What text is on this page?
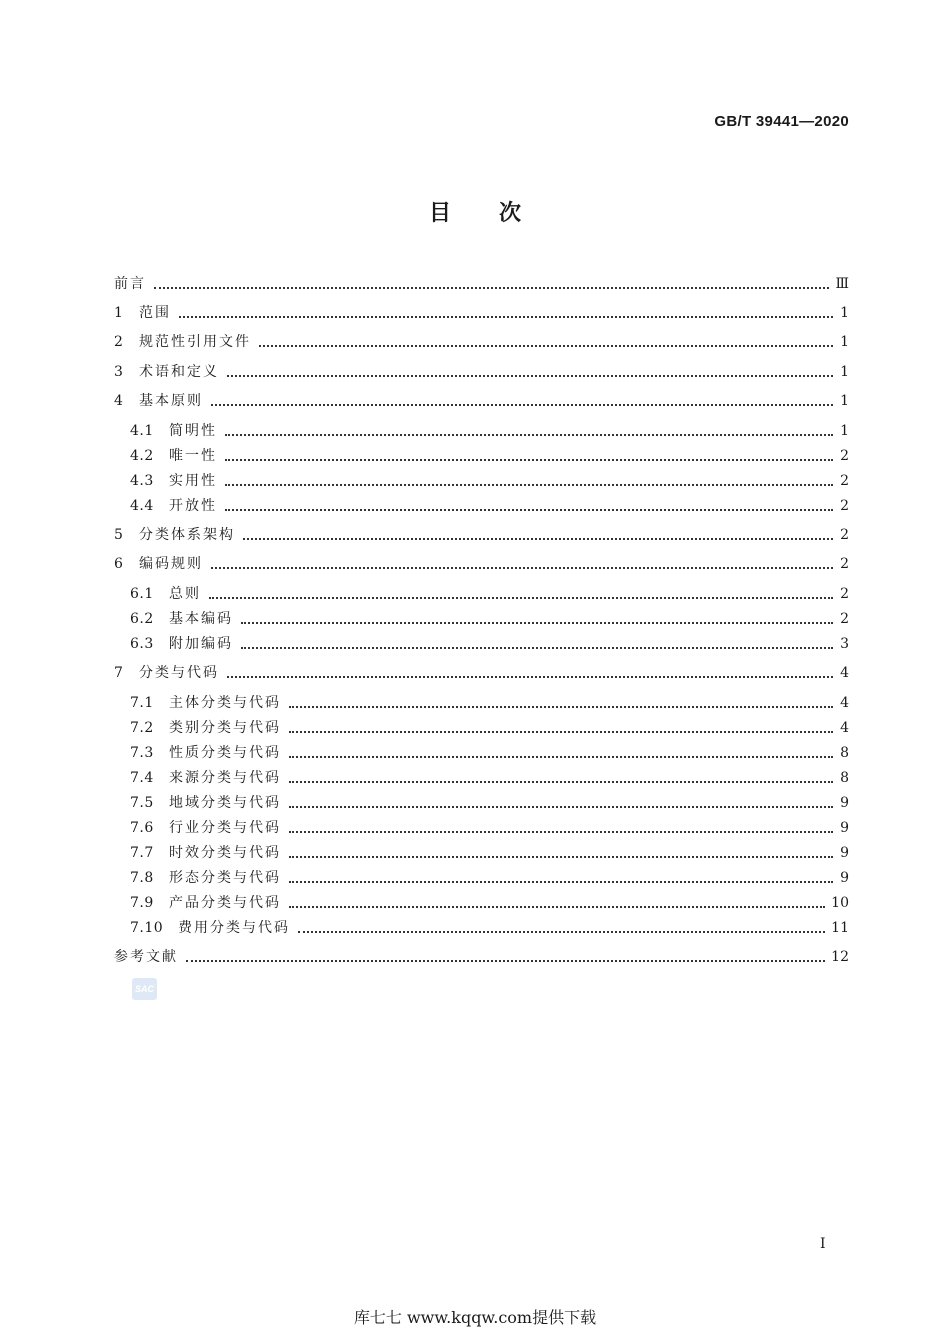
GB/T 39441—2020
目次
前言	Ⅲ
1	范围	1
2	规范性引用文件	1
3	术语和定义	1
4	基本原则	1
4.1	简明性	1
4.2	唯一性	2
4.3	实用性	2
4.4	开放性	2
5	分类体系架构	2
6	编码规则	2
6.1	总则	2
6.2	基本编码	2
6.3	附加编码	3
7	分类与代码	4
7.1	主体分类与代码	4
7.2	类别分类与代码	4
7.3	性质分类与代码	8
7.4	来源分类与代码	8
7.5	地域分类与代码	9
7.6	行业分类与代码	9
7.7	时效分类与代码	9
7.8	形态分类与代码	9
7.9	产品分类与代码	10
7.10	费用分类与代码	11
参考文献	12
SAC
I
库七七 www.kqqw.com提供下载
